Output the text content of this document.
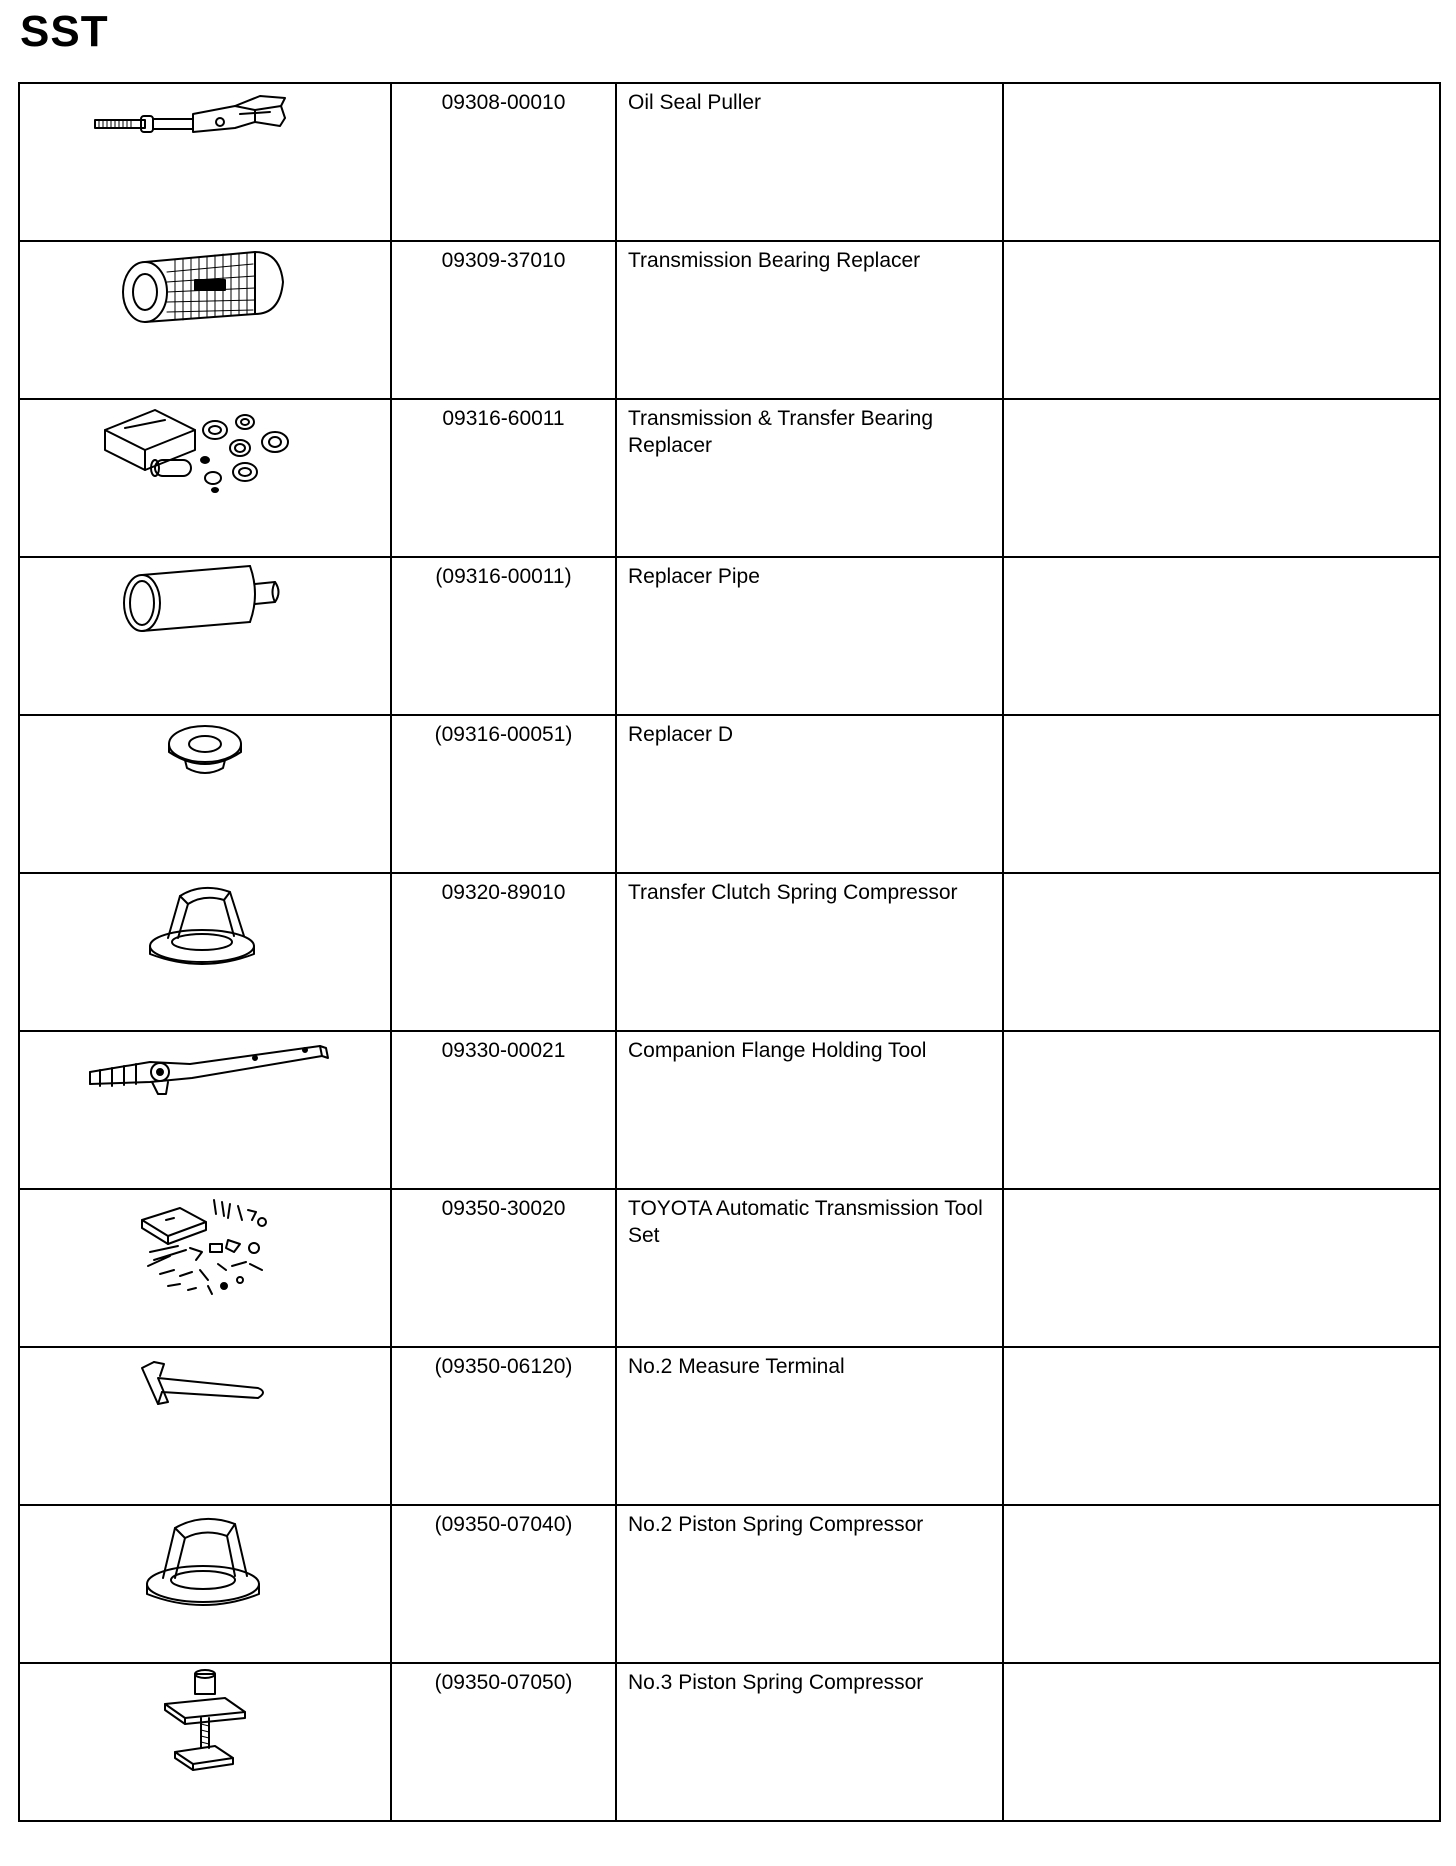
SST

09308-00010	Oil Seal Puller	

09309-37010	Transmission Bearing Replacer	

09316-60011	Transmission & Transfer Bearing Replacer	

(09316-00011)	Replacer Pipe	

(09316-00051)	Replacer D	

09320-89010	Transfer Clutch Spring Compressor	

09330-00021	Companion Flange Holding Tool	

09350-30020	TOYOTA Automatic Transmission Tool Set	

(09350-06120)	No.2 Measure Terminal	

(09350-07040)	No.2 Piston Spring Compressor	

(09350-07050)	No.3 Piston Spring Compressor	
